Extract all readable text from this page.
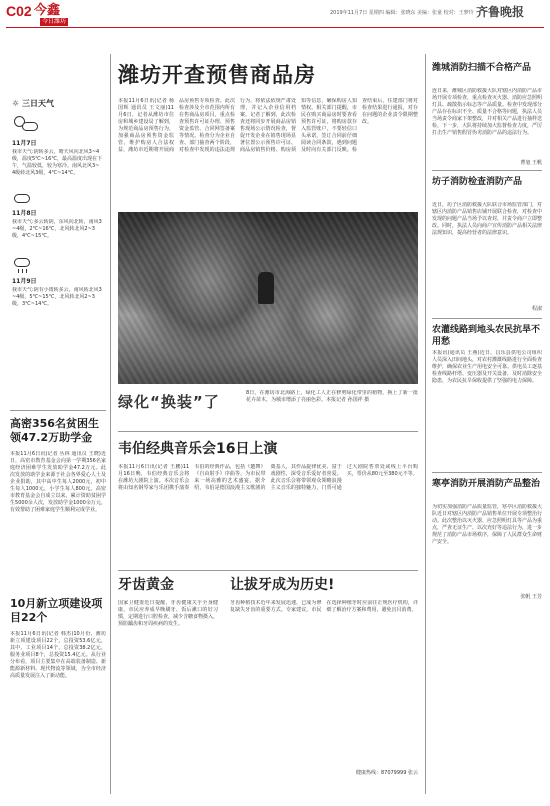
C02 今鑫
今日潍坊
2019年11月7日 星期四 编辑：张晓东 美编：张童 校对：王梦玲 齐鲁晚报
☼ 三日天气
11月7日
我市天气:阴转多云，晴天风向北风3~4级，温度5℃~16℃，最高温度出现在下午，气温较低，较为寒冷。南风北风3~4级转北风3级，4℃~14℃。
11月8日
我市天气:多云转阴，东风向北转，南风3~4级，2℃~16℃，北风转北风2~3级，4℃~15℃。
11月9日
我市天气:阴有小雨转多云，南风转北风3~4级，5℃~15℃，北风转北风2~3级，3℃~14℃。
高密356名贫困生领47.2万助学金
本报11月6日讯(记者 丛林 通讯员 王晓)近日，高密市教育基金会向第一学期356名家庭经济困难学生发放助学金47.2万元。此次发放的助学金来源于社会各界爱心人士及企业捐助，其中高中生每人2000元，初中生每人1000元，小学生每人800元。高密市教育基金会自成立以来，累计资助贫困学生5000余人次，发放助学金1000余万元，有效帮助了困难家庭学生顺利完成学业。
10月新立项建设项目22个
本报11月6日讯(记者 韩杰)10月份，潍坊新立项建设项目22个，总投资53.6亿元，其中，工业项目14个，总投资38.2亿元，服务业项目8个，总投资15.4亿元。从行业分布看，项目主要集中在高端装备制造、新能源新材料、现代物流等领域，为全市经济高质量发展注入了新动能。
潍坊开查预售商品房
本报11月6日讯(记者 杨国辉 通讯员 王文丽)11月6日，记者从潍坊市住房和城乡建设局了解到，为规范商品房预售行为，加强商品房预售资金监管，维护购房人合法权益，潍坊市近期将开展商品房预售专项检查。此次检查涉及全市范围内所有在售商品房项目，重点检查预售许可证办理、预售资金监管、合同网签备案等情况。检查分为企业自查、部门抽查两个阶段，对检查中发现的违法违规行为，将依法依规严肃处理，并记入企业信用档案。记者了解到，此次检查还将同步开展商品房销售现场公示情况检查，督促开发企业在销售现场显著位置公示预售许可证、商品房销售价格、购房须知等信息，确保购房人知情权。相关部门提醒，市民在购买商品房时要查看预售许可证，将购房款存入监管账户，不要轻信口头承诺，签订合同前仔细阅读合同条款，遇到问题及时向有关部门反映。检查结束后，住建部门将对检查结果进行通报，对存在问题的企业责令限期整改。
绿化“换装”了	8日，在潍坊市北海路上，绿化工人正在修剪绿化带里的植物，换上了新一批花卉苗木，为城市增添了亮丽色彩。本报记者 孙国祥 摄
韦伯经典音乐会16日上演
本报11月6日讯(记者 王鹏)11月16日晚，韦伯经典音乐会将在潍坊大剧院上演。本次音乐会将由知名钢琴家与乐团携手演奏韦伯的经典作品，包括《邀舞》《自由射手》序曲等，为市民带来一场高雅的艺术盛宴。据介绍，韦伯是德国浪漫主义歌剧的奠基人，其作品旋律优美、富于戏剧性，深受音乐爱好者喜爱。此次音乐会将带领观众领略浪漫主义音乐的独特魅力，门票可通过大剧院售票处或线上平台购买，票价从80元至380元不等。
牙齿黄金
国家卫健委近日提醒，牙齿健康关乎全身健康，市民应养成早晚刷牙、饭后漱口的好习惯，定期进行口腔检查，减少含糖食物摄入，预防龋齿和牙周疾病的发生。
让拔牙成为历史!
牙齿种植技术近年来发展迅速，已成为修复缺失牙齿的重要方式。专家建议，市民在选择种植牙时应前往正规医疗机构，详细了解治疗方案和费用，避免盲目消费。
健康热线：87079999 张云
潍城消防扫描不合格产品
连日来，潍城区消防救援大队对辖区内消防产品市场开展专项检查，重点检查灭火器、消防应急照明灯具、疏散指示标志等产品质量。检查中发现部分产品存在标识不全、质量不合格等问题，执法人员当场责令商家下架整改，并对相关产品进行抽样送检。下一步，大队将持续加大监督检查力度，严厉打击生产销售假冒伪劣消防产品的违法行为。
曹旭 王帆
坊子消防检查消防产品
近日，坊子区消防救援大队联合市场监管部门，对辖区内消防产品销售店铺开展联合检查，对检查中发现的问题产品当场予以查封，并责令商户立即整改。同时，执法人员向商户宣传消防产品相关法律法规知识，提高经营者的法律意识。
程淑
农灌线路到地头农民抗旱不用愁
本报讯(通讯员 王燕)近日，昌乐县供电公司组织人员深入田间地头，对农村灌溉线路进行全面检查维护，确保农业生产用电安全可靠。供电员工逐基检查线路杆塔、变压器及开关设备，及时消除安全隐患，为农民抗旱保收提供了坚强的电力保障。
寒亭消防开展消防产品整治
为切实加强消防产品质量监管，寒亭区消防救援大队近日对辖区内消防产品销售单位开展专项整治行动。此次整治以灭火器、应急照明灯具等产品为重点，严查无证生产、以次充好等违法行为，进一步规范了消防产品市场秩序，保障了人民群众生命财产安全。
张帆 王芳
